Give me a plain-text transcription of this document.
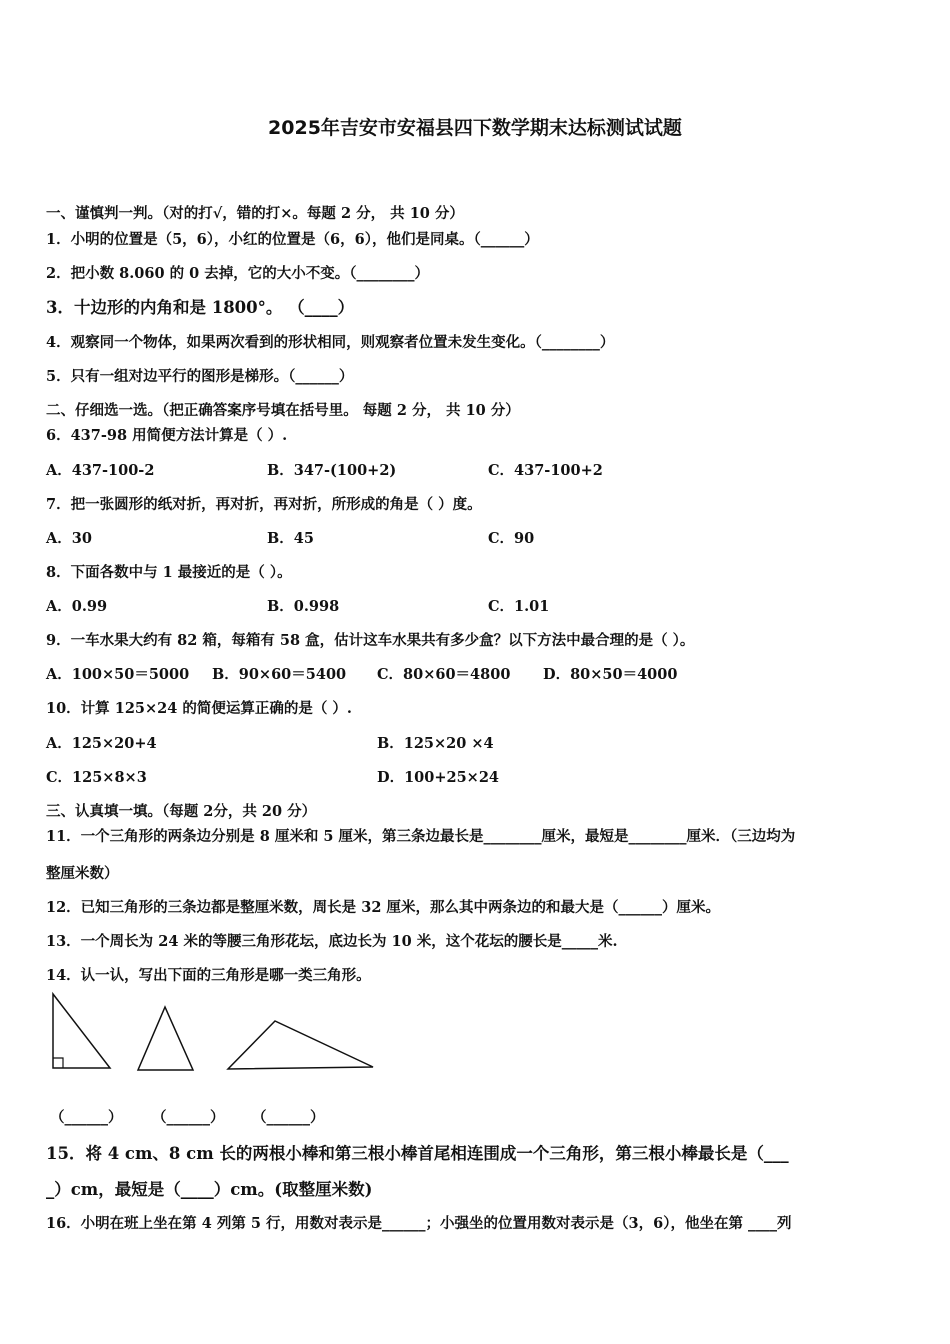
2025年吉安市安福县四下数学期末达标测试试题
一、谨慎判一判。（对的打√，错的打×。每题 2 分， 共 10 分）
1．小明的位置是（5，6），小红的位置是（6，6），他们是同桌。（______）
2．把小数 8.060 的 0 去掉，它的大小不变。（________）
3．十边形的内角和是 1800°。 （____）
4．观察同一个物体，如果两次看到的形状相同，则观察者位置未发生变化。（________）
5．只有一组对边平行的图形是梯形。（______）
二、仔细选一选。（把正确答案序号填在括号里。 每题 2 分， 共 10 分）
6．437-98 用简便方法计算是（ ）.
A．437-100-2	B．347-(100+2)	C．437-100+2
7．把一张圆形的纸对折，再对折，再对折，所形成的角是（ ）度。
A．30	B．45	C．90
8．下面各数中与 1 最接近的是（ ）。
A．0.99	B．0.998	C．1.01
9．一车水果大约有 82 箱，每箱有 58 盒，估计这车水果共有多少盒？以下方法中最合理的是（ ）。
A．100×50＝5000 B．90×60＝5400 C．80×60＝4800 D．80×50＝4000
10．计算 125×24 的简便运算正确的是（ ）.
A．125×20+4	B．125×20 ×4
C．125×8×3	D．100+25×24
三、认真填一填。（每题 2分，共 20 分）
11．一个三角形的两条边分别是 8 厘米和 5 厘米，第三条边最长是________厘米，最短是________厘米．（三边均为
整厘米数）
12．已知三角形的三条边都是整厘米数，周长是 32 厘米，那么其中两条边的和最大是（______）厘米。
13．一个周长为 24 米的等腰三角形花坛，底边长为 10 米，这个花坛的腰长是_____米.
14．认一认，写出下面的三角形是哪一类三角形。
（______） （______） （______）
15．将 4 cm、8 cm 长的两根小棒和第三根小棒首尾相连围成一个三角形，第三根小棒最长是（___
_）cm，最短是（____）cm。(取整厘米数)
16．小明在班上坐在第 4 列第 5 行，用数对表示是______；小强坐的位置用数对表示是（3，6），他坐在第 ____列
